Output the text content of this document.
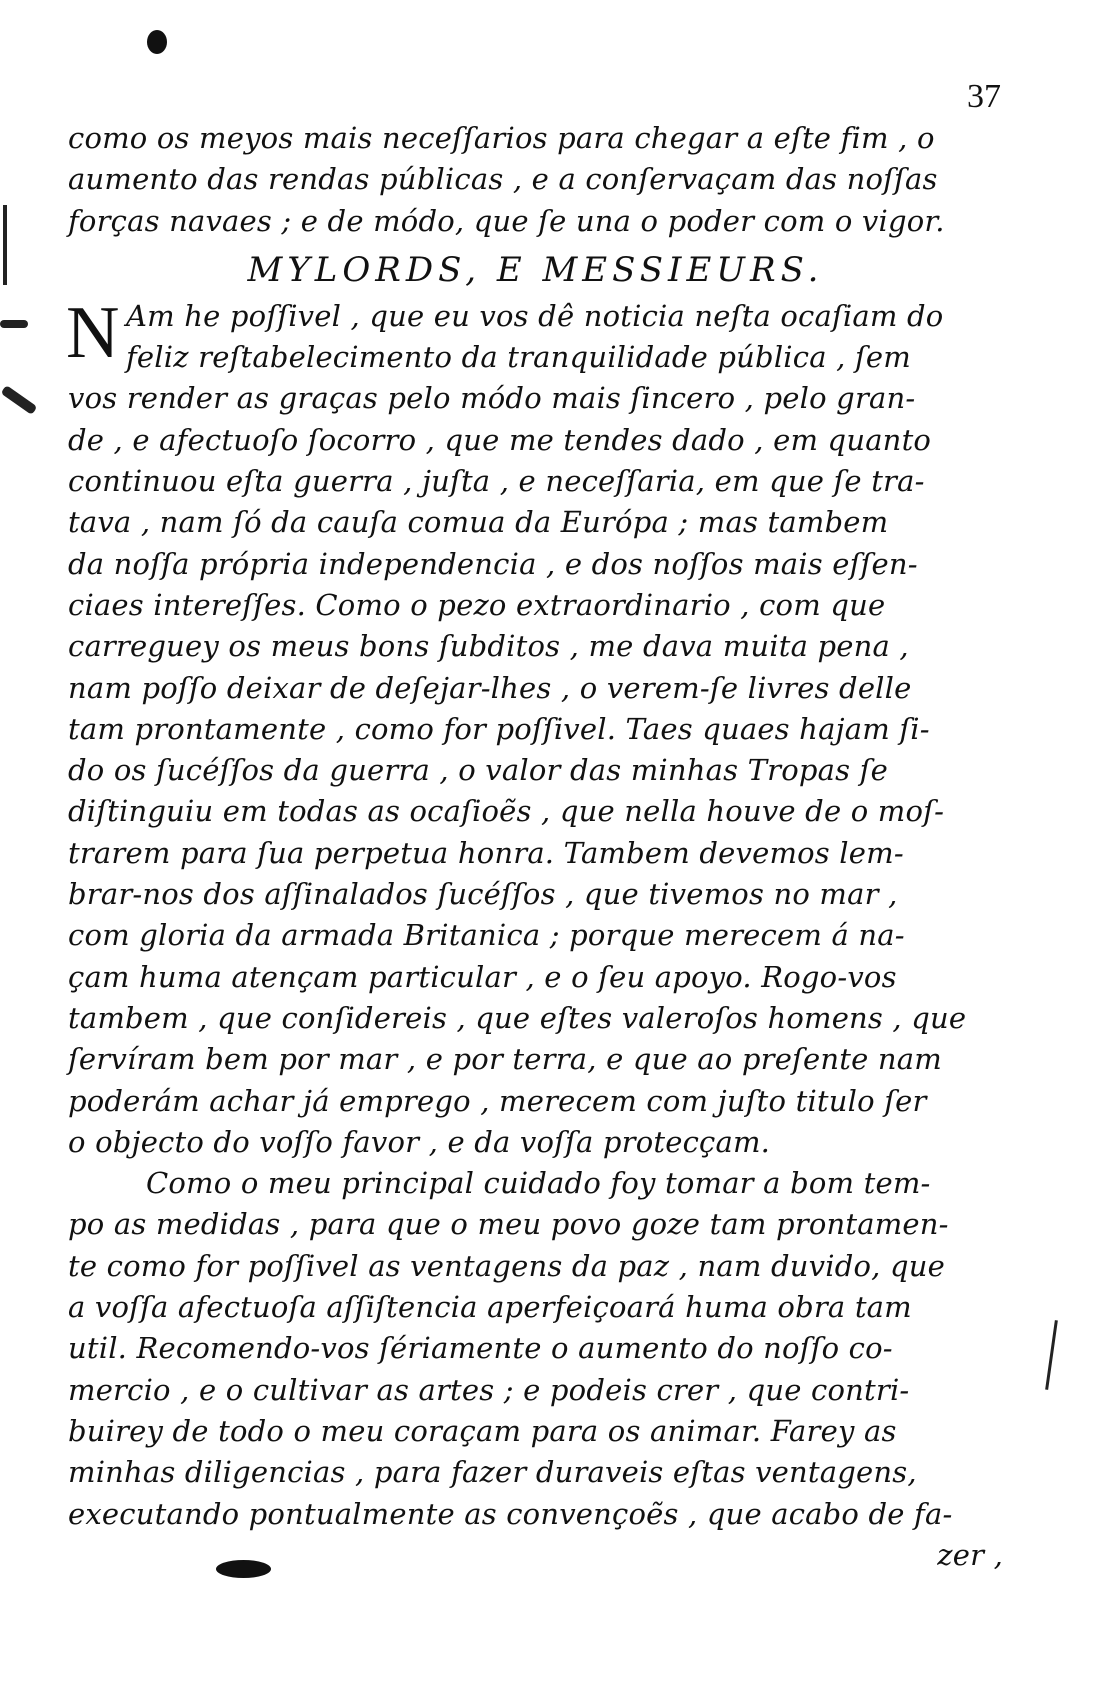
37
como os meyos mais neceſſarios para chegar a eſte fim , o
aumento das rendas públicas , e a conſervaçam das noſſas
forças navaes ; e de módo, que ſe una o poder com o vigor.
MYLORDS, E MESSIEURS.
N Am he poſſivel , que eu vos dê noticia neſta ocaſiam do
feliz reſtabelecimento da tranquilidade pública , ſem
vos render as graças pelo módo mais ſincero , pelo gran-
de , e afectuoſo ſocorro , que me tendes dado , em quanto
continuou eſta guerra , juſta , e neceſſaria, em que ſe tra-
tava , nam ſó da cauſa comua da Európa ; mas tambem
da noſſa própria independencia , e dos noſſos mais eſſen-
ciaes intereſſes. Como o pezo extraordinario , com que
carreguey os meus bons ſubditos , me dava muita pena ,
nam poſſo deixar de deſejar-lhes , o verem-ſe livres delle
tam prontamente , como for poſſivel. Taes quaes hajam ſi-
do os ſucéſſos da guerra , o valor das minhas Tropas ſe
diſtinguiu em todas as ocaſioẽs , que nella houve de o moſ-
trarem para ſua perpetua honra. Tambem devemos lem-
brar-nos dos aſſinalados ſucéſſos , que tivemos no mar ,
com gloria da armada Britanica ; porque merecem á na-
çam huma atençam particular , e o ſeu apoyo. Rogo-vos
tambem , que conſidereis , que eſtes valeroſos homens , que
ſervíram bem por mar , e por terra, e que ao preſente nam
poderám achar já emprego , merecem com juſto titulo ſer
o objecto do voſſo favor , e da voſſa protecçam.
Como o meu principal cuidado foy tomar a bom tem-
po as medidas , para que o meu povo goze tam prontamen-
te como for poſſivel as ventagens da paz , nam duvido, que
a voſſa afectuoſa aſſiſtencia aperfeiçoará huma obra tam
util. Recomendo-vos ſériamente o aumento do noſſo co-
mercio , e o cultivar as artes ; e podeis crer , que contri-
buirey de todo o meu coraçam para os animar. Farey as
minhas diligencias , para fazer duraveis eſtas ventagens,
executando pontualmente as convençoẽs , que acabo de fa-
zer ,
